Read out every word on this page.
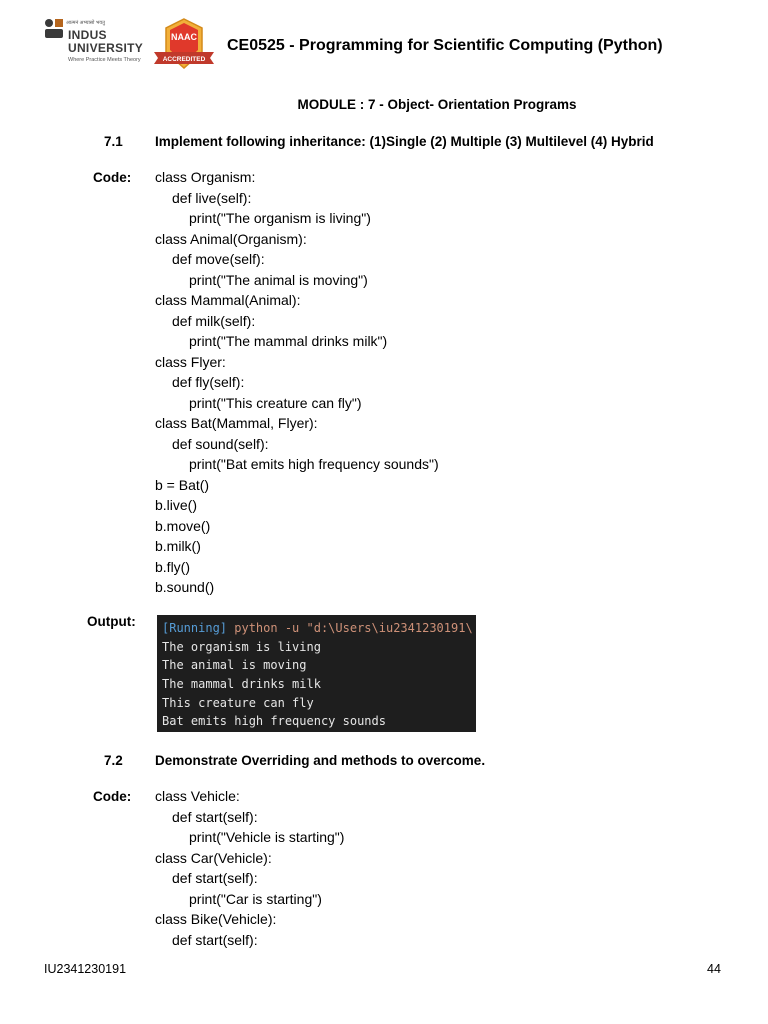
आत्मनं अभ्यासो भवतु
INDUS
UNIVERSITY
Where Practice Meets Theory
NAAC
ACCREDITED
CE0525 - Programming for Scientific Computing (Python)
MODULE : 7 - Object- Orientation Programs
7.1 Implement following inheritance: (1)Single (2) Multiple (3) Multilevel (4) Hybrid
Code: class Organism:
def live(self):
print("The organism is living")
class Animal(Organism):
def move(self):
print("The animal is moving")
class Mammal(Animal):
def milk(self):
print("The mammal drinks milk")
class Flyer:
def fly(self):
print("This creature can fly")
class Bat(Mammal, Flyer):
def sound(self):
print("Bat emits high frequency sounds")
b = Bat()
b.live()
b.move()
b.milk()
b.fly()
b.sound()
Output: [Running] python -u "d:\Users\iu2341230191\
The organism is living
The animal is moving
The mammal drinks milk
This creature can fly
Bat emits high frequency sounds
7.2 Demonstrate Overriding and methods to overcome.
Code: class Vehicle:
def start(self):
print("Vehicle is starting")
class Car(Vehicle):
def start(self):
print("Car is starting")
class Bike(Vehicle):
def start(self):
IU2341230191	44
